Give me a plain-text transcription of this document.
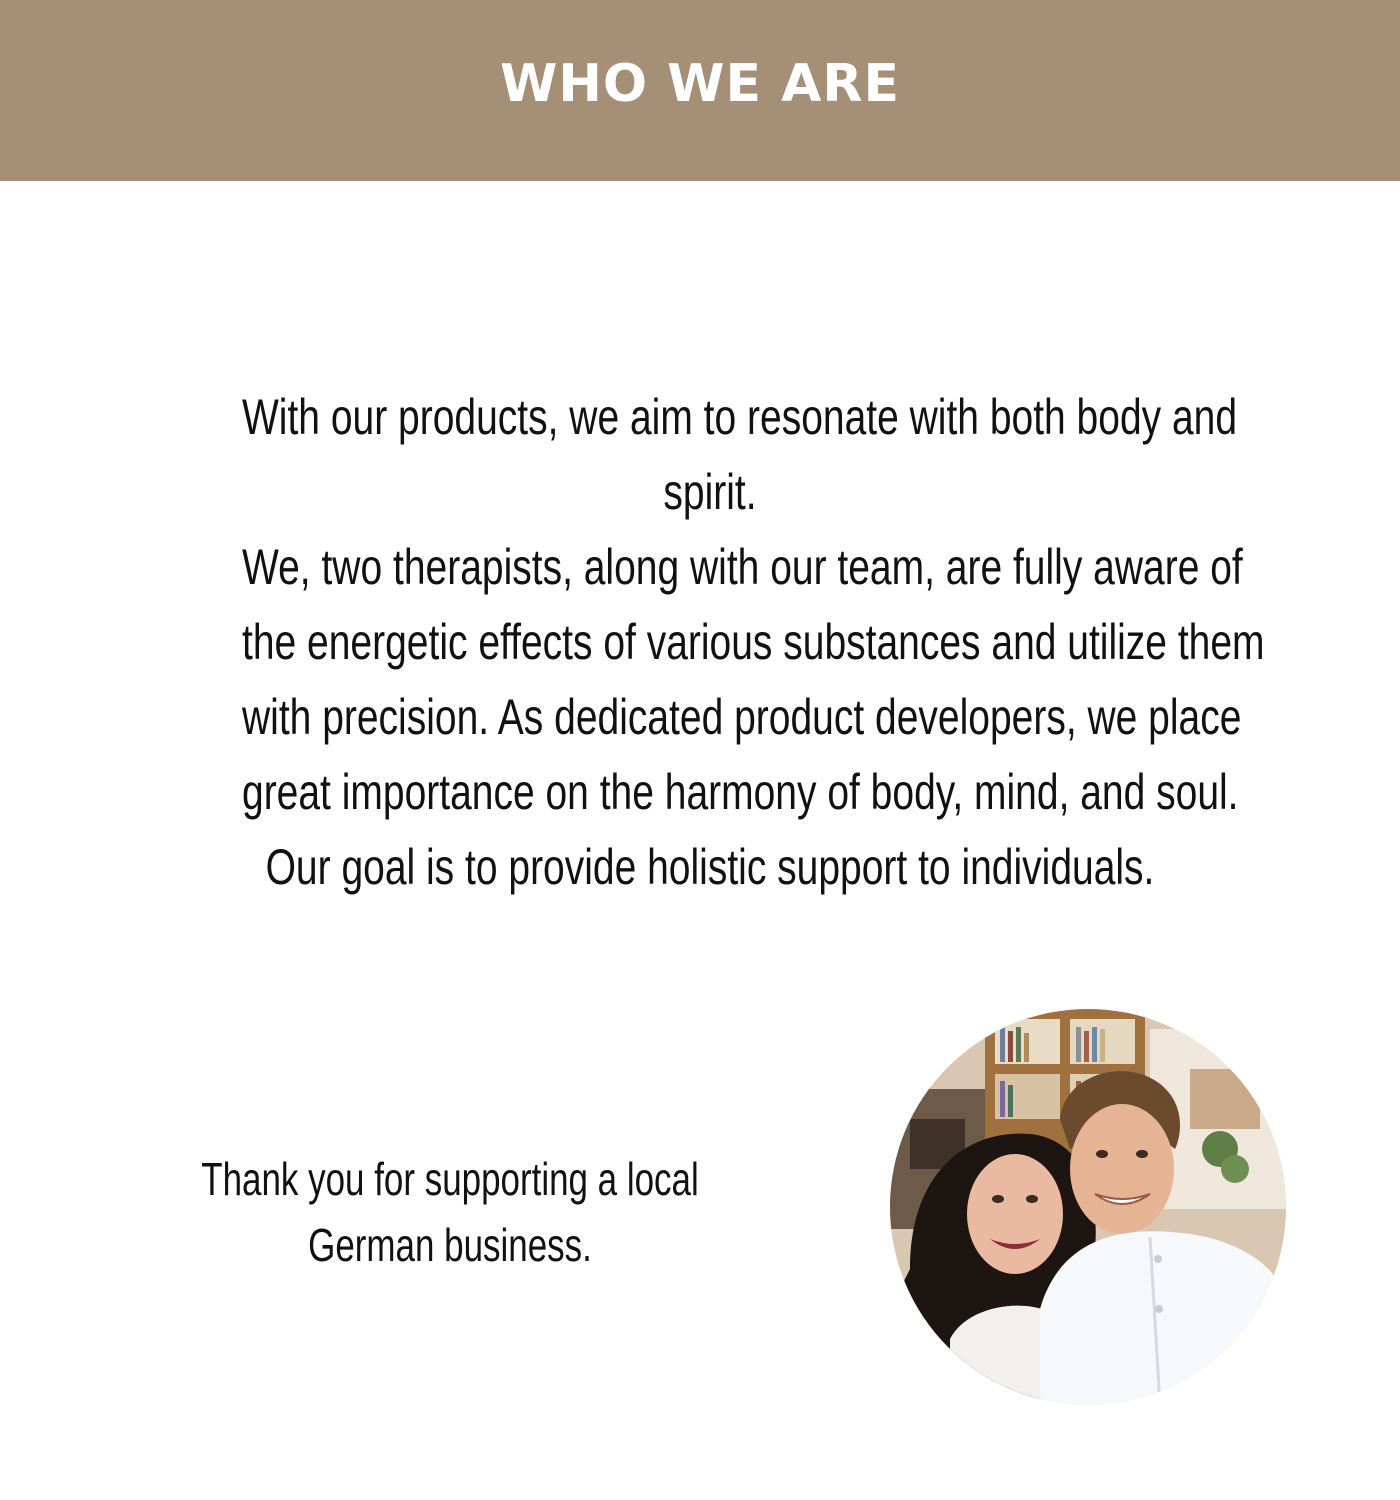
WHO WE ARE
With our products, we aim to resonate with both body and
spirit.
We, two therapists, along with our team, are fully aware of
the energetic effects of various substances and utilize them
with precision. As dedicated product developers, we place
great importance on the harmony of body, mind, and soul.
Our goal is to provide holistic support to individuals.
Thank you for supporting a local German business.
